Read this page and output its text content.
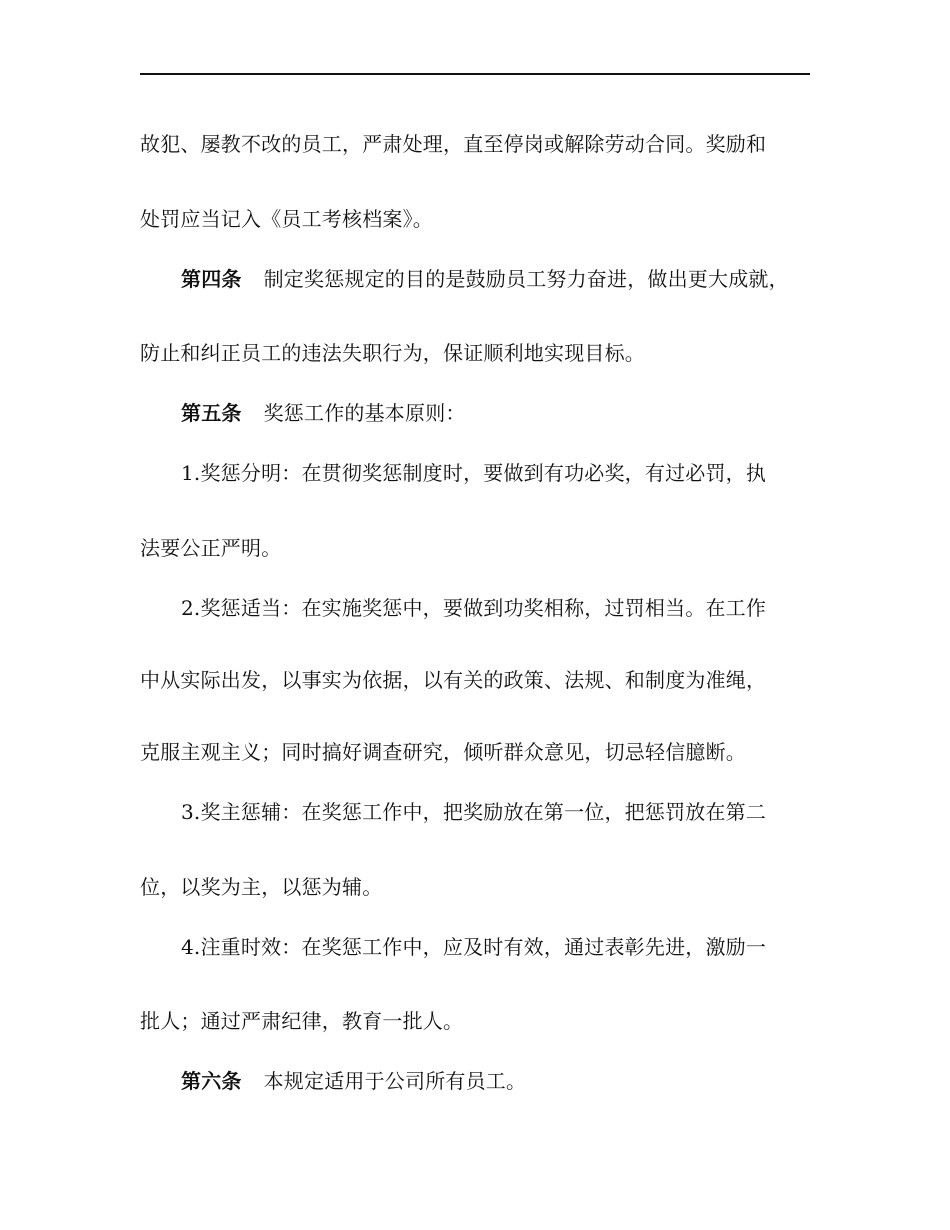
故犯、屡教不改的员工，严肃处理，直至停岗或解除劳动合同。奖励和
处罚应当记入《员工考核档案》。
第四条 制定奖惩规定的目的是鼓励员工努力奋进，做出更大成就，
防止和纠正员工的违法失职行为，保证顺利地实现目标。
第五条 奖惩工作的基本原则：
1.奖惩分明：在贯彻奖惩制度时，要做到有功必奖，有过必罚，执
法要公正严明。
2.奖惩适当：在实施奖惩中，要做到功奖相称，过罚相当。在工作
中从实际出发，以事实为依据，以有关的政策、法规、和制度为准绳，
克服主观主义；同时搞好调查研究，倾听群众意见，切忌轻信臆断。
3.奖主惩辅：在奖惩工作中，把奖励放在第一位，把惩罚放在第二
位，以奖为主，以惩为辅。
4.注重时效：在奖惩工作中，应及时有效，通过表彰先进，激励一
批人；通过严肃纪律，教育一批人。
第六条 本规定适用于公司所有员工。
